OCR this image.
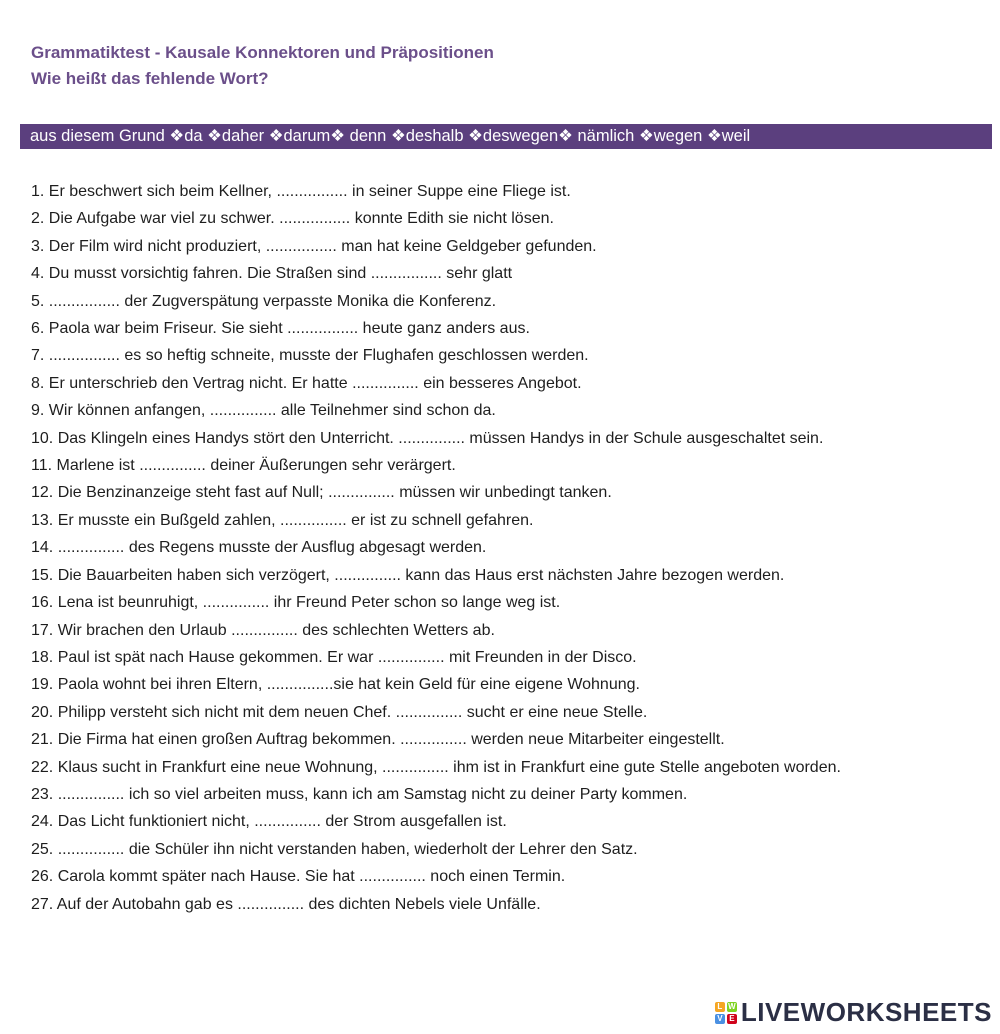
Grammatiktest - Kausale Konnektoren und Präpositionen
Wie heißt das fehlende Wort?
aus diesem Grund ❖da ❖daher ❖darum❖ denn ❖deshalb ❖deswegen❖ nämlich ❖wegen ❖weil

1. Er beschwert sich beim Kellner, ................ in seiner Suppe eine Fliege ist.

2. Die Aufgabe war viel zu schwer. ................ konnte Edith sie nicht lösen.

3. Der Film wird nicht produziert, ................ man hat keine Geldgeber gefunden.

4. Du musst vorsichtig fahren. Die Straßen sind ................ sehr glatt

5. ................ der Zugverspätung verpasste Monika die Konferenz.

6. Paola war beim Friseur. Sie sieht ................ heute ganz anders aus.

7. ................ es so heftig schneite, musste der Flughafen geschlossen werden.

8. Er unterschrieb den Vertrag nicht. Er hatte ............... ein besseres Angebot.

9. Wir können anfangen, ............... alle Teilnehmer sind schon da.

10. Das Klingeln eines Handys stört den Unterricht. ............... müssen Handys in der Schule ausgeschaltet sein.

11. Marlene ist ............... deiner Äußerungen sehr verärgert.

12. Die Benzinanzeige steht fast auf Null; ............... müssen wir unbedingt tanken.

13. Er musste ein Bußgeld zahlen, ............... er ist zu schnell gefahren.

14. ............... des Regens musste der Ausflug abgesagt werden.

15. Die Bauarbeiten haben sich verzögert, ............... kann das Haus erst nächsten Jahre bezogen werden.

16. Lena ist beunruhigt, ............... ihr Freund Peter schon so lange weg ist.

17. Wir brachen den Urlaub ............... des schlechten Wetters ab.

18. Paul ist spät nach Hause gekommen. Er war ............... mit Freunden in der Disco.

19. Paola wohnt bei ihren Eltern, ...............sie hat kein Geld für eine eigene Wohnung.

20. Philipp versteht sich nicht mit dem neuen Chef. ............... sucht er eine neue Stelle.

21. Die Firma hat einen großen Auftrag bekommen. ............... werden neue Mitarbeiter eingestellt.

22. Klaus sucht in Frankfurt eine neue Wohnung, ............... ihm ist in Frankfurt eine gute Stelle angeboten worden.

23. ............... ich so viel arbeiten muss, kann ich am Samstag nicht zu deiner Party kommen.

24. Das Licht funktioniert nicht, ............... der Strom ausgefallen ist.

25. ............... die Schüler ihn nicht verstanden haben, wiederholt der Lehrer den Satz.

26. Carola kommt später nach Hause. Sie hat ............... noch einen Termin.

27. Auf der Autobahn gab es ............... des dichten Nebels viele Unfälle.

L W
V E LIVEWORKSHEETS
